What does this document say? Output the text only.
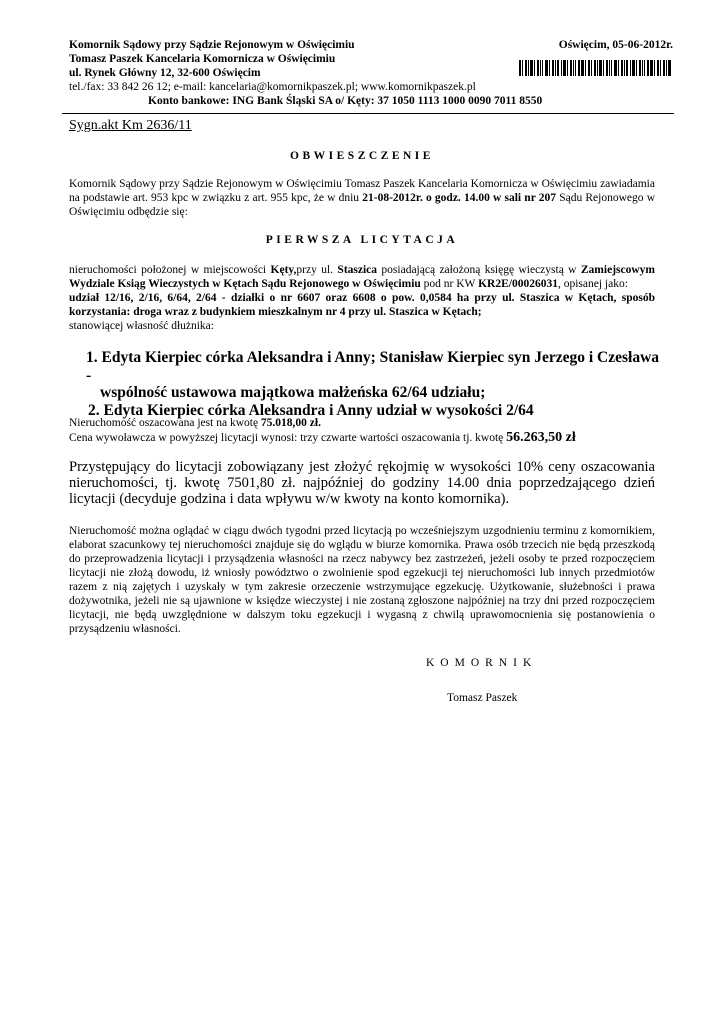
Komornik Sądowy przy Sądzie Rejonowym w Oświęcimiu
Tomasz Paszek Kancelaria Komornicza w Oświęcimiu
ul. Rynek Główny 12, 32-600 Oświęcim
tel./fax: 33 842 26 12; e-mail: kancelaria@komornikpaszek.pl; www.komornikpaszek.pl
Konto bankowe: ING Bank Śląski SA o/ Kęty: 37 1050 1113 1000 0090 7011 8550
Oświęcim, 05-06-2012r.
Sygn.akt Km 2636/11
OBWIESZCZENIE
Komornik Sądowy przy Sądzie Rejonowym w Oświęcimiu Tomasz Paszek Kancelaria Komornicza w Oświęcimiu zawiadamia na podstawie art. 953 kpc w związku z art. 955 kpc, że w dniu 21-08-2012r. o godz. 14.00 w sali nr 207 Sądu Rejonowego w Oświęcimiu odbędzie się:
PIERWSZA LICYTACJA
nieruchomości położonej w miejscowości Kęty,przy ul. Staszica posiadającą założoną księgę wieczystą w Zamiejscowym Wydziale Ksiąg Wieczystych w Kętach Sądu Rejonowego w Oświęcimiu pod nr KW KR2E/00026031, opisanej jako:
udział 12/16, 2/16, 6/64, 2/64 - działki o nr 6607 oraz 6608 o pow. 0,0584 ha przy ul. Staszica w Kętach, sposób korzystania: droga wraz z budynkiem mieszkalnym nr 4 przy ul. Staszica w Kętach;
stanowiącej własność dłużnika:
1. Edyta Kierpiec córka Aleksandra i Anny; Stanisław Kierpiec syn Jerzego i Czesława -
wspólność ustawowa majątkowa małżeńska 62/64 udziału;
2. Edyta Kierpiec córka Aleksandra i Anny udział w wysokości 2/64
Nieruchomość oszacowana jest na kwotę 75.018,00 zł.
Cena wywoławcza w powyższej licytacji wynosi: trzy czwarte wartości oszacowania tj. kwotę 56.263,50 zł
Przystępujący do licytacji zobowiązany jest złożyć rękojmię w wysokości 10% ceny oszacowania nieruchomości, tj. kwotę 7501,80 zł. najpóźniej do godziny 14.00 dnia poprzedzającego dzień licytacji (decyduje godzina i data wpływu w/w kwoty na konto komornika).
Nieruchomość można oglądać w ciągu dwóch tygodni przed licytacją po wcześniejszym uzgodnieniu terminu z komornikiem, elaborat szacunkowy tej nieruchomości znajduje się do wglądu w biurze komornika. Prawa osób trzecich nie będą przeszkodą do przeprowadzenia licytacji i przysądzenia własności na rzecz nabywcy bez zastrzeżeń, jeżeli osoby te przed rozpoczęciem licytacji nie złożą dowodu, iż wniosły powództwo o zwolnienie spod egzekucji tej nieruchomości lub innych przedmiotów razem z nią zajętych i uzyskały w tym zakresie orzeczenie wstrzymujące egzekucję. Użytkowanie, służebności i prawa dożywotnika, jeżeli nie są ujawnione w księdze wieczystej i nie zostaną zgłoszone najpóźniej na trzy dni przed rozpoczęciem licytacji, nie będą uwzględnione w dalszym toku egzekucji i wygasną z chwilą uprawomocnienia się postanowienia o przysądzeniu własności.
KOMORNIK
Tomasz Paszek
